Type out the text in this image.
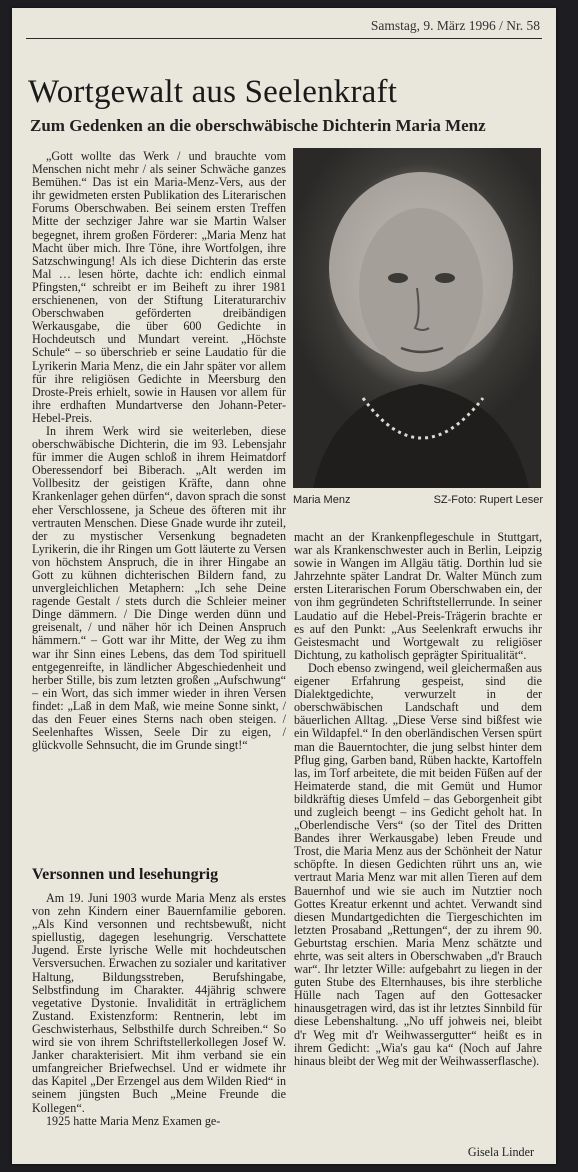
Samstag, 9. März 1996 / Nr. 58
Wortgewalt aus Seelenkraft
Zum Gedenken an die oberschwäbische Dichterin Maria Menz

„Gott wollte das Werk / und brauchte vom Menschen nicht mehr / als seiner Schwäche ganzes Bemühen.“ Das ist ein Maria-Menz-Vers, aus der ihr gewidmeten ersten Publikation des Literarischen Forums Oberschwaben. Bei seinem ersten Treffen Mitte der sechziger Jahre war sie Martin Walser begegnet, ihrem großen Förderer: „Maria Menz hat Macht über mich. Ihre Töne, ihre Wortfolgen, ihre Satzschwingung! Als ich diese Dichterin das erste Mal … lesen hörte, dachte ich: endlich einmal Pfingsten,“ schreibt er im Beiheft zu ihrer 1981 erschienenen, von der Stiftung Literaturarchiv Oberschwaben geförderten dreibändigen Werkausgabe, die über 600 Gedichte in Hochdeutsch und Mundart vereint. „Höchste Schule“ – so überschrieb er seine Laudatio für die Lyrikerin Maria Menz, die ein Jahr später vor allem für ihre religiösen Gedichte in Meersburg den Droste-Preis erhielt, sowie in Hausen vor allem für ihre erdhaften Mundartverse den Johann-Peter-Hebel-Preis.

In ihrem Werk wird sie weiterleben, diese oberschwäbische Dichterin, die im 93. Lebensjahr für immer die Augen schloß in ihrem Heimatdorf Oberessendorf bei Biberach. „Alt werden im Vollbesitz der geistigen Kräfte, dann ohne Krankenlager gehen dürfen“, davon sprach die sonst eher Verschlossene, ja Scheue des öfteren mit ihr vertrauten Menschen. Diese Gnade wurde ihr zuteil, der zu mystischer Versenkung begnadeten Lyrikerin, die ihr Ringen um Gott läuterte zu Versen von höchstem Anspruch, die in ihrer Hingabe an Gott zu kühnen dichterischen Bildern fand, zu unvergleichlichen Metaphern: „Ich sehe Deine ragende Gestalt / stets durch die Schleier meiner Dinge dämmern. / Die Dinge werden dünn und greisenalt, / und näher hör ich Deinen Anspruch hämmern.“ – Gott war ihr Mitte, der Weg zu ihm war ihr Sinn eines Lebens, das dem Tod spirituell entgegenreifte, in ländlicher Abgeschiedenheit und herber Stille, bis zum letzten großen „Aufschwung“ – ein Wort, das sich immer wieder in ihren Versen findet: „Laß in dem Maß, wie meine Sonne sinkt, / das den Feuer eines Sterns nach oben steigen. / Seelenhaftes Wissen, Seele Dir zu eigen, / glückvolle Sehnsucht, die im Grunde singt!“

Maria Menz	SZ-Foto: Rupert Leser

macht an der Krankenpflegeschule in Stuttgart, war als Krankenschwester auch in Berlin, Leipzig sowie in Wangen im Allgäu tätig. Dorthin lud sie Jahrzehnte später Landrat Dr. Walter Münch zum ersten Literarischen Forum Oberschwaben ein, der von ihm gegründeten Schriftstellerrunde. In seiner Laudatio auf die Hebel-Preis-Trägerin brachte er es auf den Punkt: „Aus Seelenkraft erwuchs ihr Geistesmacht und Wortgewalt zu religiöser Dichtung, zu katholisch geprägter Spiritualität“.

Doch ebenso zwingend, weil gleichermaßen aus eigener Erfahrung gespeist, sind die Dialektgedichte, verwurzelt in der oberschwäbischen Landschaft und dem bäuerlichen Alltag. „Diese Verse sind bißfest wie ein Wildapfel.“ In den oberländischen Versen spürt man die Bauerntochter, die jung selbst hinter dem Pflug ging, Garben band, Rüben hackte, Kartoffeln las, im Torf arbeitete, die mit beiden Füßen auf der Heimaterde stand, die mit Gemüt und Humor bildkräftig dieses Umfeld – das Geborgenheit gibt und zugleich beengt – ins Gedicht geholt hat. In „Oberlendische Vers“ (so der Titel des Dritten Bandes ihrer Werkausgabe) leben Freude und Trost, die Maria Menz aus der Schönheit der Natur schöpfte. In diesen Gedichten rührt uns an, wie vertraut Maria Menz war mit allen Tieren auf dem Bauernhof und wie sie auch im Nutztier noch Gottes Kreatur erkennt und achtet. Verwandt sind diesen Mundartgedichten die Tiergeschichten im letzten Prosaband „Rettungen“, der zu ihrem 90. Geburtstag erschien. Maria Menz schätzte und ehrte, was seit alters in Oberschwaben „d'r Brauch war“. Ihr letzter Wille: aufgebahrt zu liegen in der guten Stube des Elternhauses, bis ihre sterbliche Hülle nach Tagen auf den Gottesacker hinausgetragen wird, das ist ihr letztes Sinnbild für diese Lebenshaltung. „No uff johweis nei, bleibt d'r Weg mit d'r Weihwassergutter“ heißt es in ihrem Gedicht: „Wia's gau ka“ (Noch auf Jahre hinaus bleibt der Weg mit der Weihwasserflasche).

Versonnen und lesehungrig

Am 19. Juni 1903 wurde Maria Menz als erstes von zehn Kindern einer Bauernfamilie geboren. „Als Kind versonnen und rechtsbewußt, nicht spiellustig, dagegen lesehungrig. Verschattete Jugend. Erste lyrische Welle mit hochdeutschen Versversuchen. Erwachen zu sozialer und karitativer Haltung, Bildungsstreben, Berufshingabe, Selbstfindung im Charakter. 44jährig schwere vegetative Dystonie. Invalidität in erträglichem Zustand. Existenzform: Rentnerin, lebt im Geschwisterhaus, Selbsthilfe durch Schreiben.“ So wird sie von ihrem Schriftstellerkollegen Josef W. Janker charakterisiert. Mit ihm verband sie ein umfangreicher Briefwechsel. Und er widmete ihr das Kapitel „Der Erzengel aus dem Wilden Ried“ in seinem jüngsten Buch „Meine Freunde die Kollegen“.

1925 hatte Maria Menz Examen ge-

Gisela Linder
